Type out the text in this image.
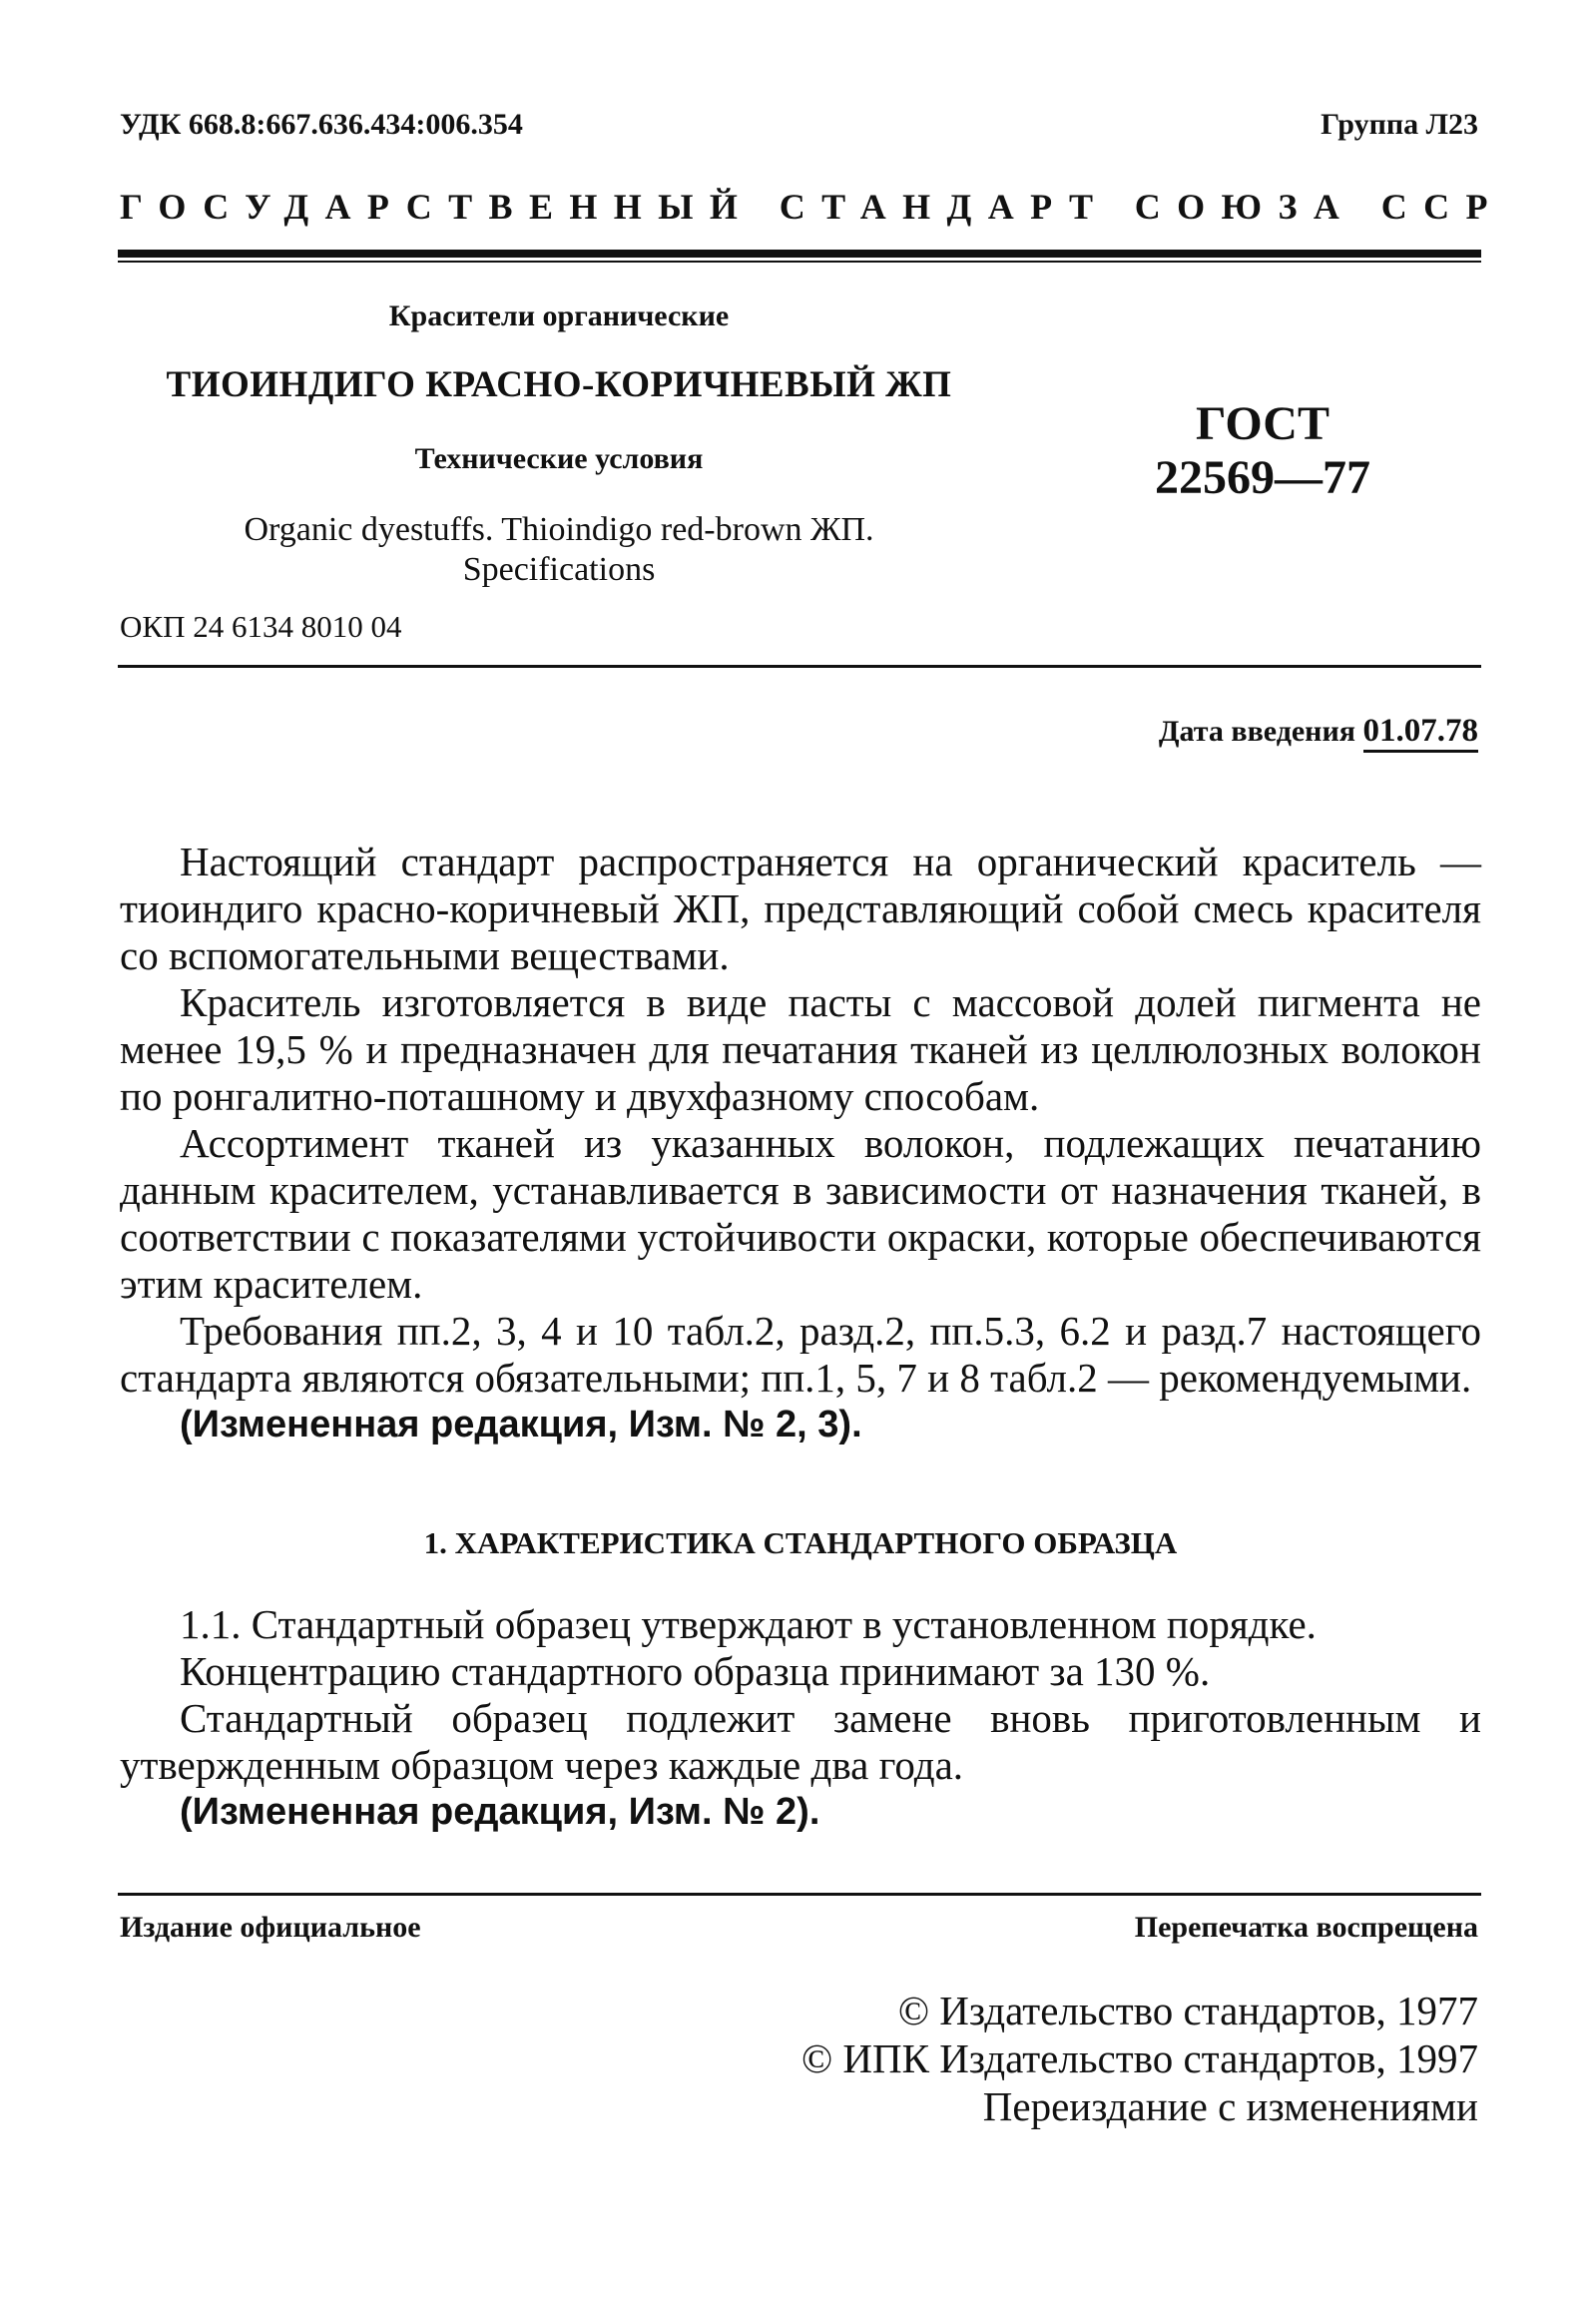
УДК 668.8:667.636.434:006.354	Группа Л23
ГОСУДАРСТВЕННЫЙ СТАНДАРТ СОЮЗА ССР

Красители органические

ТИОИНДИГО КРАСНО-КОРИЧНЕВЫЙ ЖП

Технические условия

Organic dyestuffs. Thioindigo red-brown ЖП.
Specifications

ГОСТ
22569—77
ОКП 24 6134 8010 04
Дата введения 01.07.78

Настоящий стандарт распространяется на органический краситель — тиоиндиго красно-коричневый ЖП, представляющий собой смесь красителя со вспомогательными веществами.

Краситель изготовляется в виде пасты с массовой долей пигмента не менее 19,5 % и предназначен для печатания тканей из целлюлозных волокон по ронгалитно-поташному и двухфазному способам.

Ассортимент тканей из указанных волокон, подлежащих печатанию данным красителем, устанавливается в зависимости от назначения тканей, в соответствии с показателями устойчивости окраски, которые обеспечиваются этим красителем.

Требования пп.2, 3, 4 и 10 табл.2, разд.2, пп.5.3, 6.2 и разд.7 настоящего стандарта являются обязательными; пп.1, 5, 7 и 8 табл.2 — рекомендуемыми.

(Измененная редакция, Изм. № 2, 3).

1. ХАРАКТЕРИСТИКА СТАНДАРТНОГО ОБРАЗЦА

1.1. Стандартный образец утверждают в установленном порядке.

Концентрацию стандартного образца принимают за 130 %.

Стандартный образец подлежит замене вновь приготовленным и утвержденным образцом через каждые два года.

(Измененная редакция, Изм. № 2).

Издание официальное	Перепечатка воспрещена
© Издательство стандартов, 1977
© ИПК Издательство стандартов, 1997
Переиздание с изменениями
